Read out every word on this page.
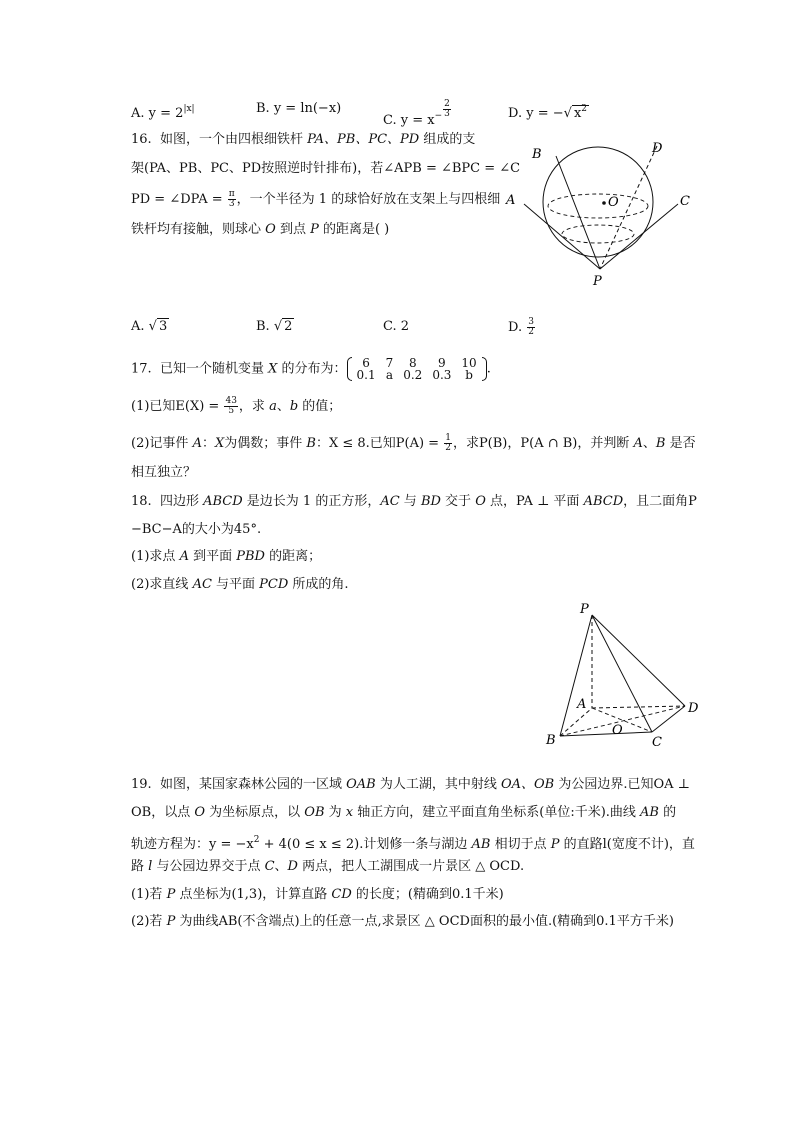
A. $y = 2^{|x|}$	B. y = ln(−x)
C. $y = x^{- \frac{2}{3}}$	D. y = −√ $x^2$
16. 如图，一个由四根细铁杆 PA、PB、PC、PD 组成的支
架(PA、PB、PC、PD按照逆时针排布)，若∠APB = ∠BPC = ∠C
PD = ∠DPA = $\frac{\pi}{3}$ ，一个半径为 1 的球恰好放在支架上与四根细
铁杆均有接触，则球心 O 到点 P 的距离是( )
B	D
A	O	C
P
A. √ 3	B. √ 2	C. 2	D. $\frac{3}{2}$
17. 已知一个随机变量 X 的分布为： 6	7	8	9	10
0.1	a	0.2	0.3	b .
(1)已知$E(X) = \frac{43}{5}$ ，求 a、b 的值；
(2)记事件 A：X为偶数；事件 B：X ≤ 8.已知$P(A) = \frac{1}{2}$ ，求P(B)，P(A ∩ B)，并判断 A、B 是否
相互独立？
18. 四边形 ABCD 是边长为 1 的正方形，AC 与 BD 交于 O 点，PA ⊥ 平面 ABCD，且二面角P
−BC−A的大小为45°.
(1)求点 A 到平面 PBD 的距离；
(2)求直线 AC 与平面 PCD 所成的角.
P
A	D
O
B	C
19. 如图，某国家森林公园的一区域 OAB 为人工湖，其中射线 OA、OB 为公园边界.已知OA ⊥
OB，以点 O 为坐标原点，以 OB 为 x 轴正方向，建立平面直角坐标系(单位:千米).曲线 AB 的
轨迹方程为：$y = -x^2 + 4(0 \le x \le 2)$.计划修一条与湖边 AB 相切于点 P 的直路l(宽度不计)，直
路 l 与公园边界交于点 C、D 两点，把人工湖围成一片景区 △ OCD.
(1)若 P 点坐标为(1,3)，计算直路 CD 的长度；(精确到0.1千米)
(2)若 P 为曲线AB(不含端点)上的任意一点,求景区 △ OCD面积的最小值.(精确到0.1平方千米)
